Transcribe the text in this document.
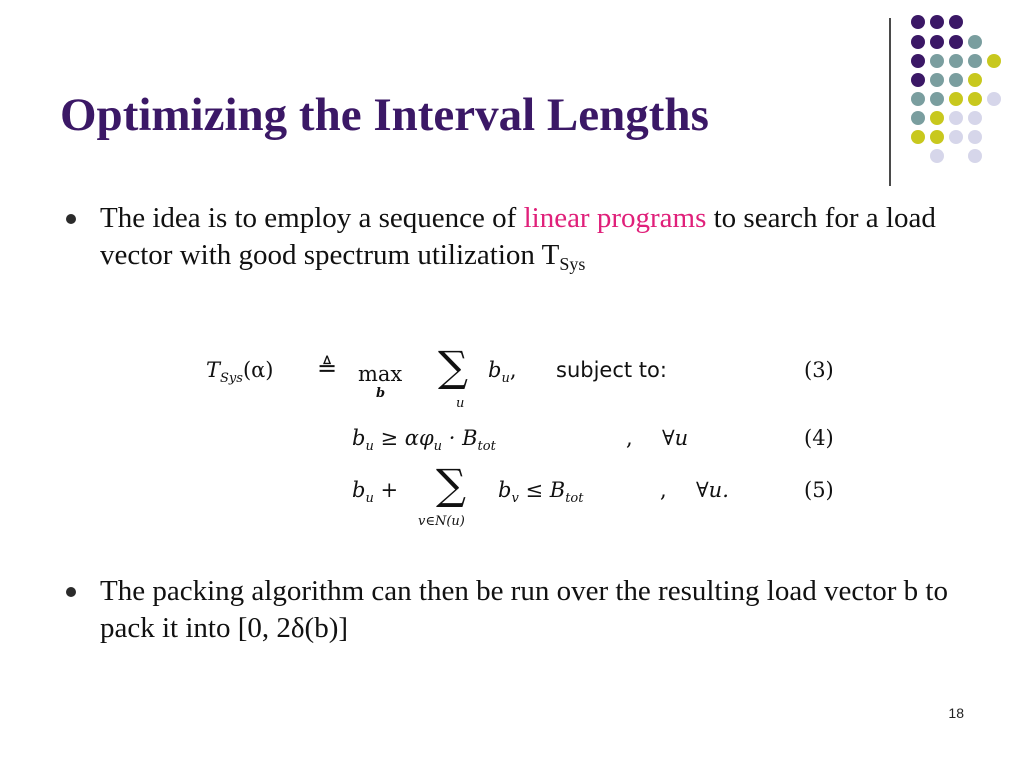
Optimizing the Interval Lengths
The idea is to employ a sequence of linear programs to search for a load vector with good spectrum utilization $T_{Sys}$
$T_{Sys}(\alpha)$ ≜ max
b
∑
u
$b_u$, subject to:	(3)
$b_u \ge \alpha\varphi_u \cdot B_{tot}$	, ∀u	(4)
$b_u$ + ∑
v∈N(u)
$b_v \le B_{tot}$	, ∀u.	(5)
The packing algorithm can then be run over the resulting load vector b to pack it into [0, 2δ(b)]
18
